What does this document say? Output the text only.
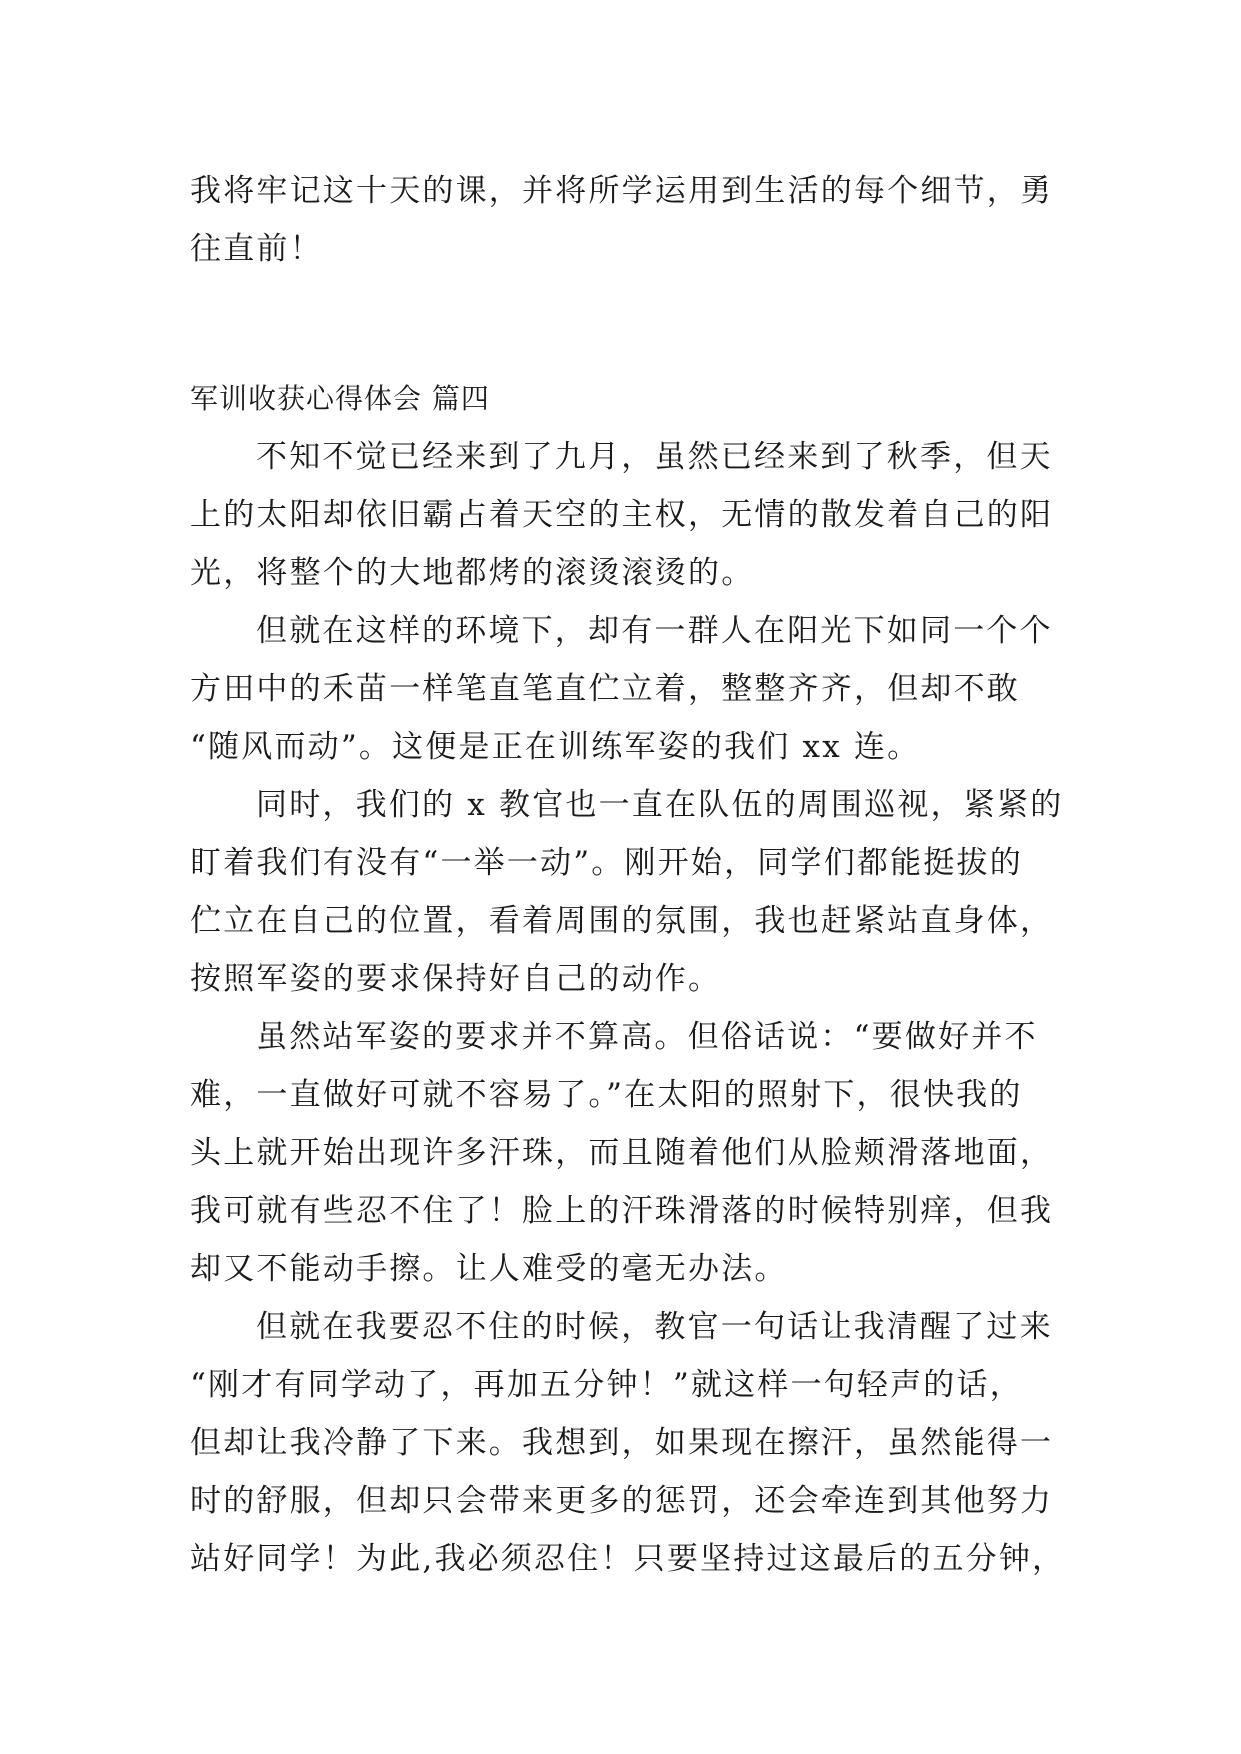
我将牢记这十天的课，并将所学运用到生活的每个细节，勇
往直前！
军训收获心得体会 篇四
不知不觉已经来到了九月，虽然已经来到了秋季，但天
上的太阳却依旧霸占着天空的主权，无情的散发着自己的阳
光，将整个的大地都烤的滚烫滚烫的。
但就在这样的环境下，却有一群人在阳光下如同一个个
方田中的禾苗一样笔直笔直伫立着，整整齐齐，但却不敢
“随风而动”。这便是正在训练军姿的我们 xx 连。
同时，我们的 x 教官也一直在队伍的周围巡视，紧紧的
盯着我们有没有“一举一动”。刚开始，同学们都能挺拔的
伫立在自己的位置，看着周围的氛围，我也赶紧站直身体，
按照军姿的要求保持好自己的动作。
虽然站军姿的要求并不算高。但俗话说：“要做好并不
难，一直做好可就不容易了。”在太阳的照射下，很快我的
头上就开始出现许多汗珠，而且随着他们从脸颊滑落地面，
我可就有些忍不住了！脸上的汗珠滑落的时候特别痒，但我
却又不能动手擦。让人难受的毫无办法。
但就在我要忍不住的时候，教官一句话让我清醒了过来
“刚才有同学动了，再加五分钟！”就这样一句轻声的话，
但却让我冷静了下来。我想到，如果现在擦汗，虽然能得一
时的舒服，但却只会带来更多的惩罚，还会牵连到其他努力
站好同学！为此,我必须忍住！只要坚持过这最后的五分钟，
